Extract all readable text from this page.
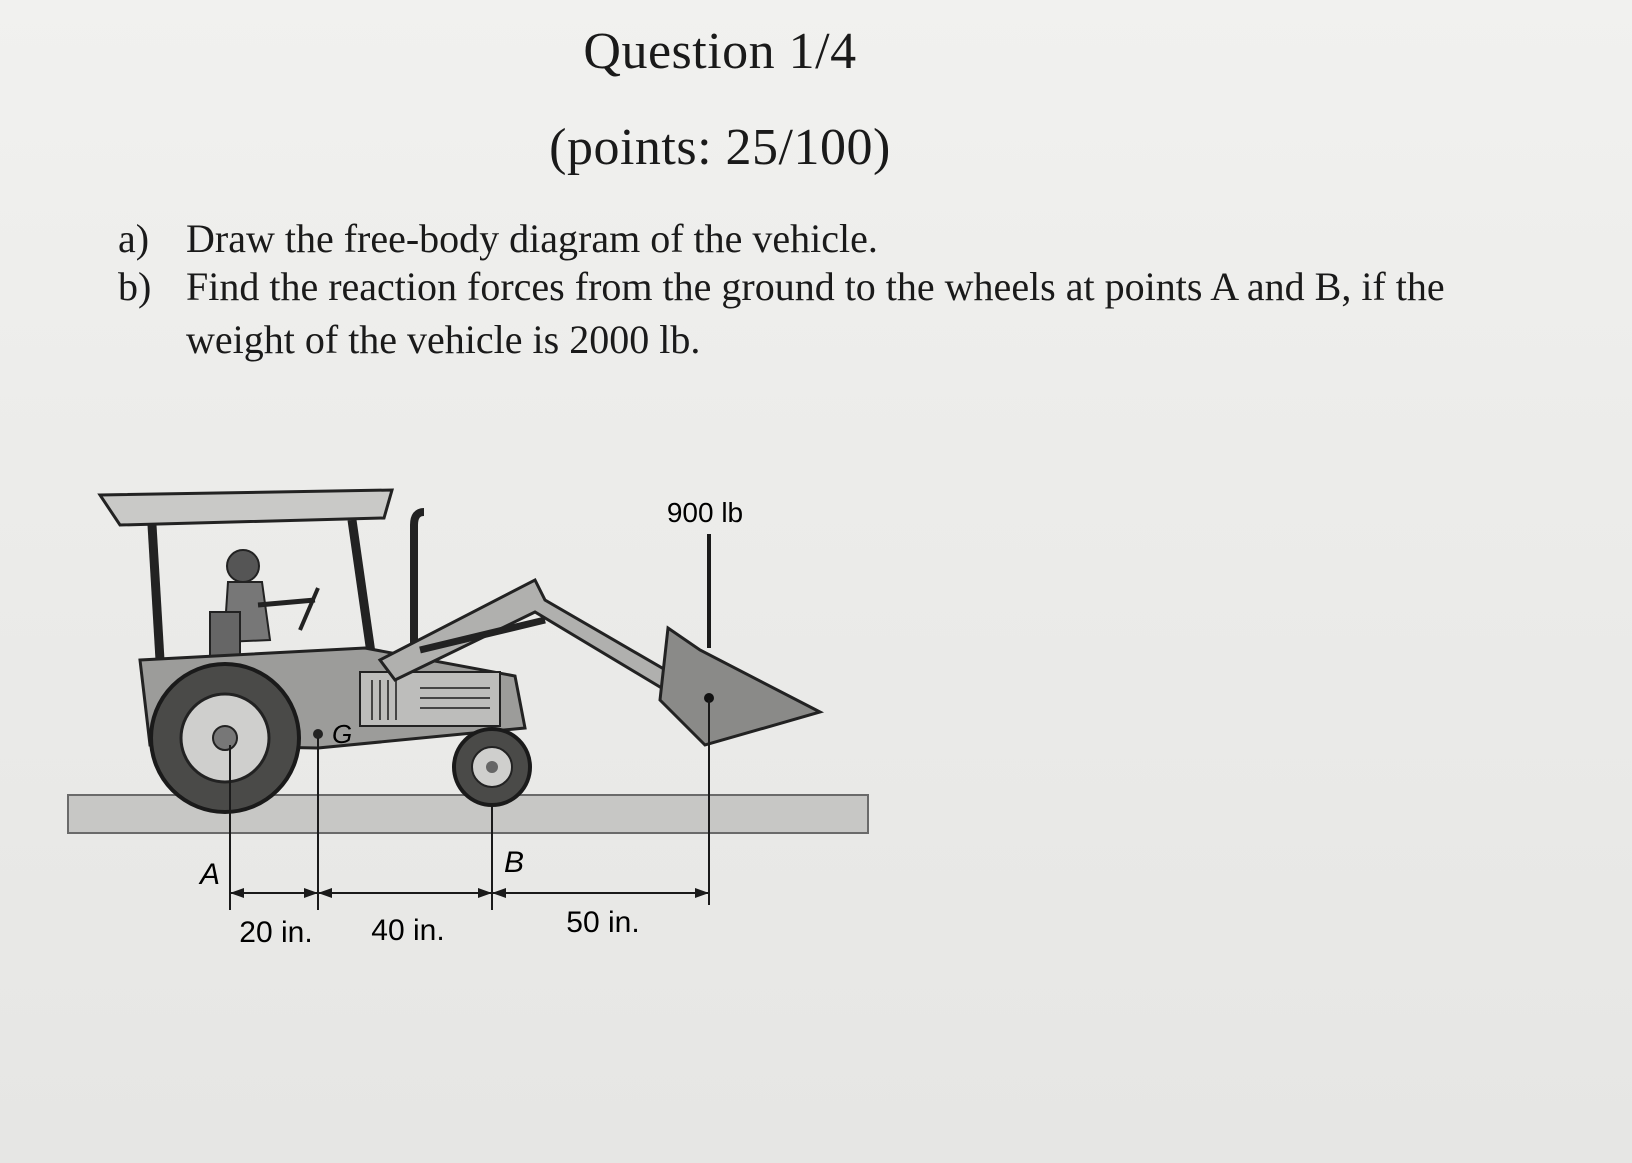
Question 1/4
(points: 25/100)
a) Draw the free-body diagram of the vehicle.
b) Find the reaction forces from the ground to the wheels at points A and B, if the
weight of the vehicle is 2000 lb.
G
900 lb
A	B
20 in. 40 in.	50 in.
